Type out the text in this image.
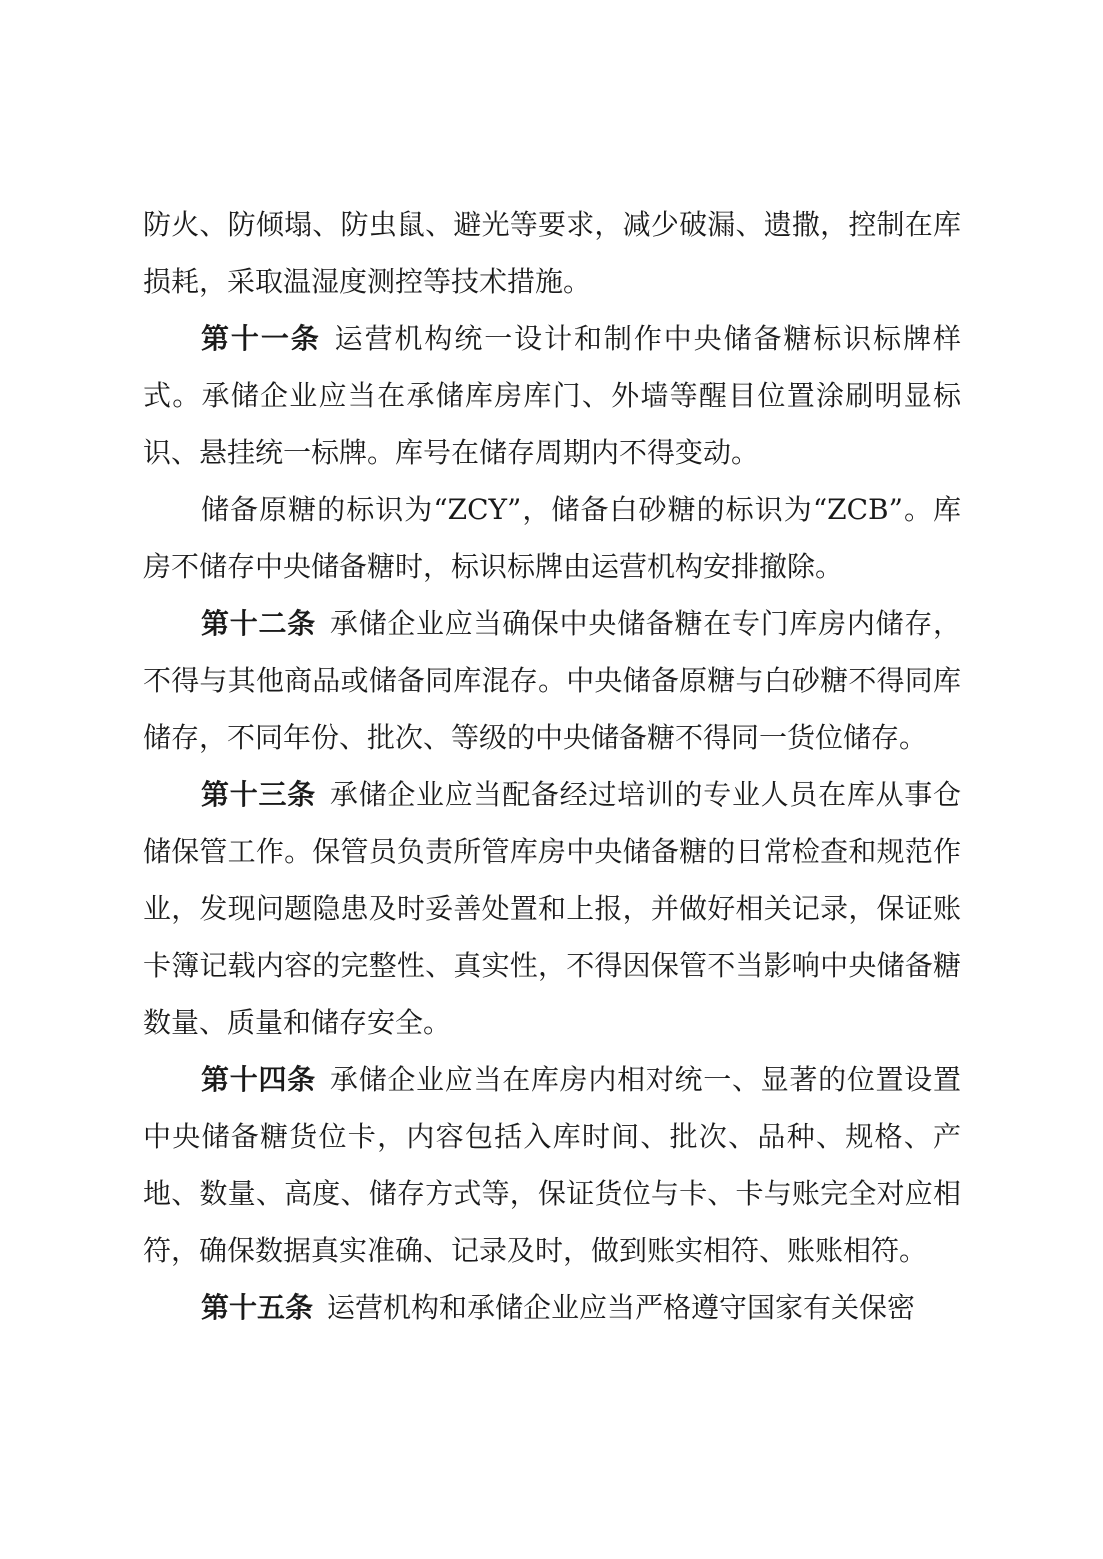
防火、防倾塌、防虫鼠、避光等要求，减少破漏、遗撒，控制在库损耗，采取温湿度测控等技术措施。

第十一条 运营机构统一设计和制作中央储备糖标识标牌样式。承储企业应当在承储库房库门、外墙等醒目位置涂刷明显标识、悬挂统一标牌。库号在储存周期内不得变动。

储备原糖的标识为“ZCY”，储备白砂糖的标识为“ZCB”。库房不储存中央储备糖时，标识标牌由运营机构安排撤除。

第十二条 承储企业应当确保中央储备糖在专门库房内储存，不得与其他商品或储备同库混存。中央储备原糖与白砂糖不得同库储存，不同年份、批次、等级的中央储备糖不得同一货位储存。

第十三条 承储企业应当配备经过培训的专业人员在库从事仓储保管工作。保管员负责所管库房中央储备糖的日常检查和规范作业，发现问题隐患及时妥善处置和上报，并做好相关记录，保证账卡簿记载内容的完整性、真实性，不得因保管不当影响中央储备糖数量、质量和储存安全。

第十四条 承储企业应当在库房内相对统一、显著的位置设置中央储备糖货位卡，内容包括入库时间、批次、品种、规格、产地、数量、高度、储存方式等，保证货位与卡、卡与账完全对应相符，确保数据真实准确、记录及时，做到账实相符、账账相符。

第十五条 运营机构和承储企业应当严格遵守国家有关保密
